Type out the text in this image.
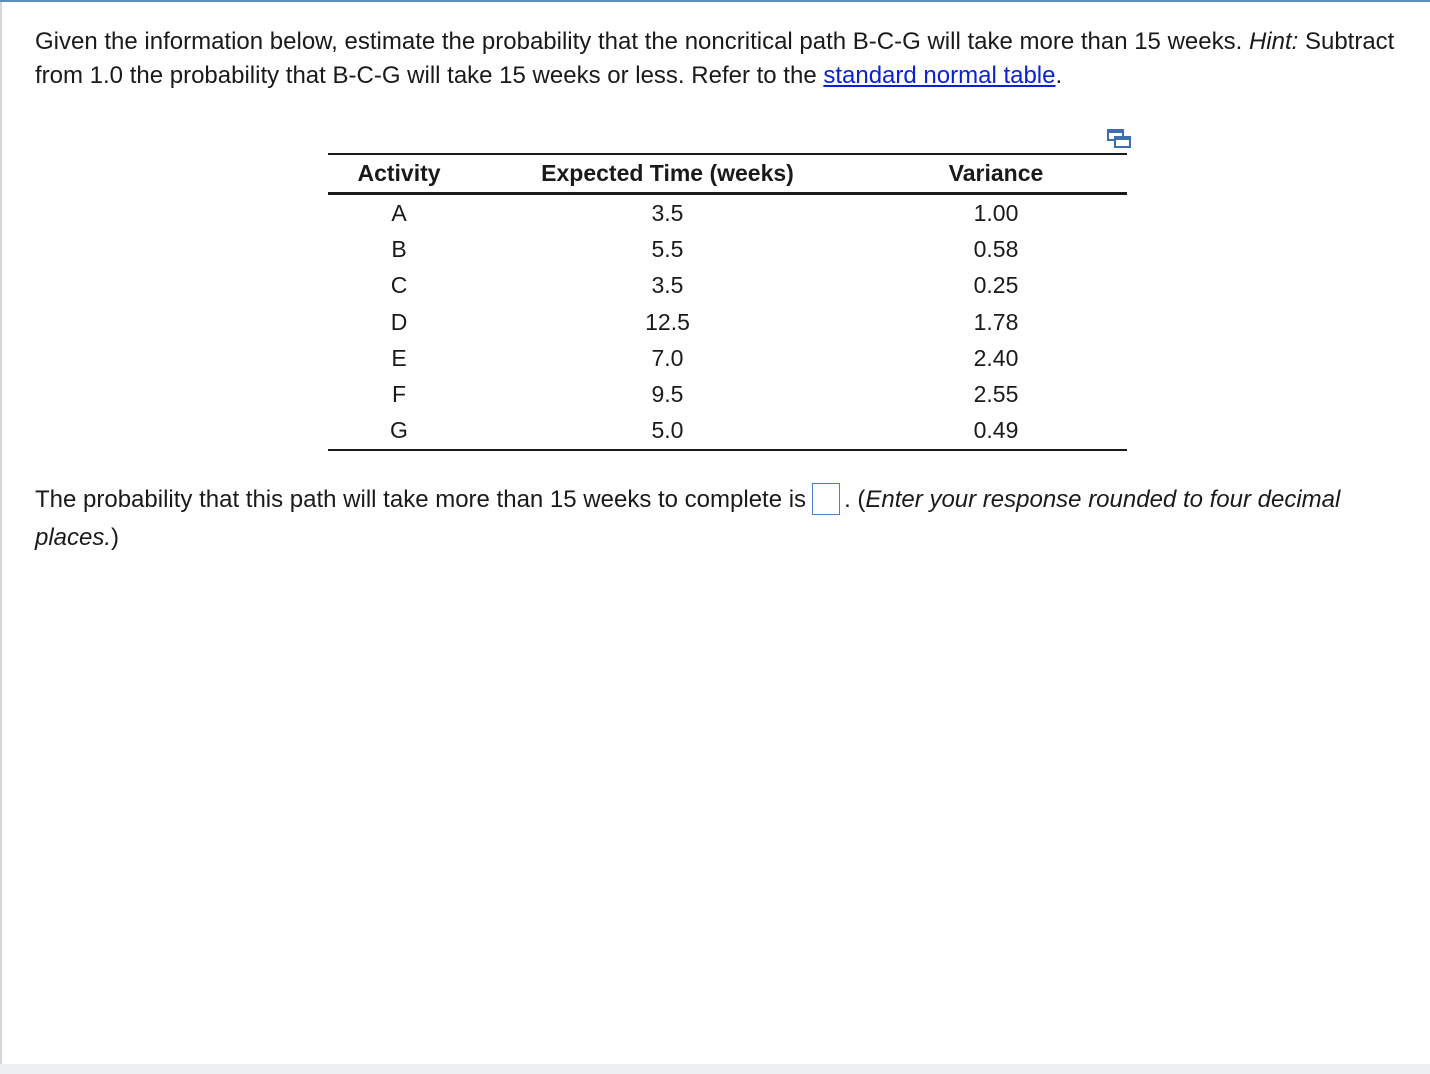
Given the information below, estimate the probability that the noncritical path B-C-G will take more than 15 weeks. Hint: Subtract from 1.0 the probability that B-C-G will take 15 weeks or less. Refer to the standard normal table.
Activity	Expected Time (weeks)	Variance
A	3.5	1.00
B	5.5	0.58
C	3.5	0.25
D	12.5	1.78
E	7.0	2.40
F	9.5	2.55
G	5.0	0.49
The probability that this path will take more than 15 weeks to complete is . (Enter your response rounded to four decimal places.)
